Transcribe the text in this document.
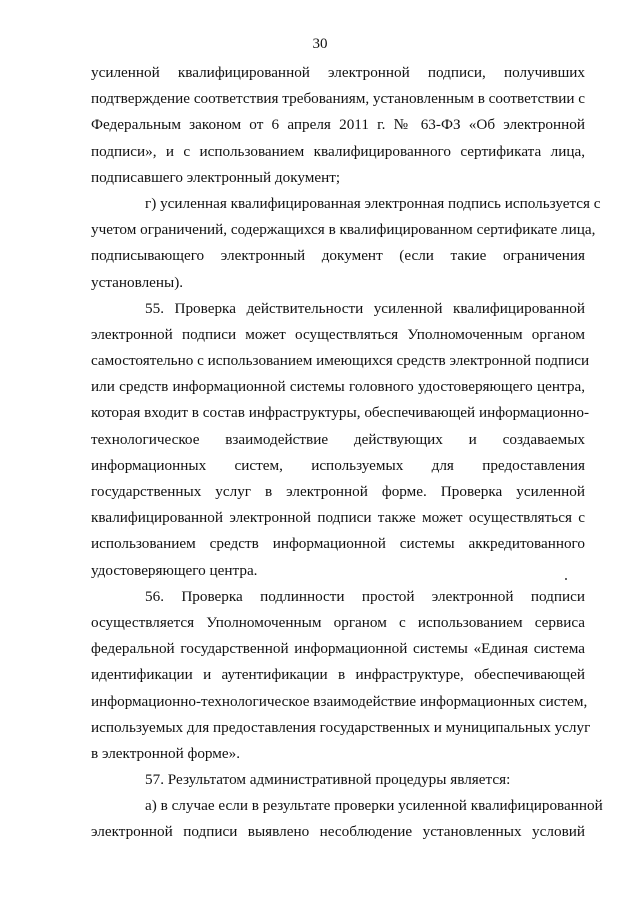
30
усиленной квалифицированной электронной подписи, получивших
подтверждение соответствия требованиям, установленным в соответствии с
Федеральным законом от 6 апреля 2011 г. № 63-ФЗ «Об электронной
подписи», и с использованием квалифицированного сертификата лица,
подписавшего электронный документ;
г) усиленная квалифицированная электронная подпись используется с
учетом ограничений, содержащихся в квалифицированном сертификате лица,
подписывающего электронный документ (если такие ограничения
установлены).
55. Проверка действительности усиленной квалифицированной
электронной подписи может осуществляться Уполномоченным органом
самостоятельно с использованием имеющихся средств электронной подписи
или средств информационной системы головного удостоверяющего центра,
которая входит в состав инфраструктуры, обеспечивающей информационно-
технологическое взаимодействие действующих и создаваемых
информационных систем, используемых для предоставления
государственных услуг в электронной форме. Проверка усиленной
квалифицированной электронной подписи также может осуществляться с
использованием средств информационной системы аккредитованного
удостоверяющего центра.
56. Проверка подлинности простой электронной подписи
осуществляется Уполномоченным органом с использованием сервиса
федеральной государственной информационной системы «Единая система
идентификации и аутентификации в инфраструктуре, обеспечивающей
информационно-технологическое взаимодействие информационных систем,
используемых для предоставления государственных и муниципальных услуг
в электронной форме».
57. Результатом административной процедуры является:
а) в случае если в результате проверки усиленной квалифицированной
электронной подписи выявлено несоблюдение установленных условий
